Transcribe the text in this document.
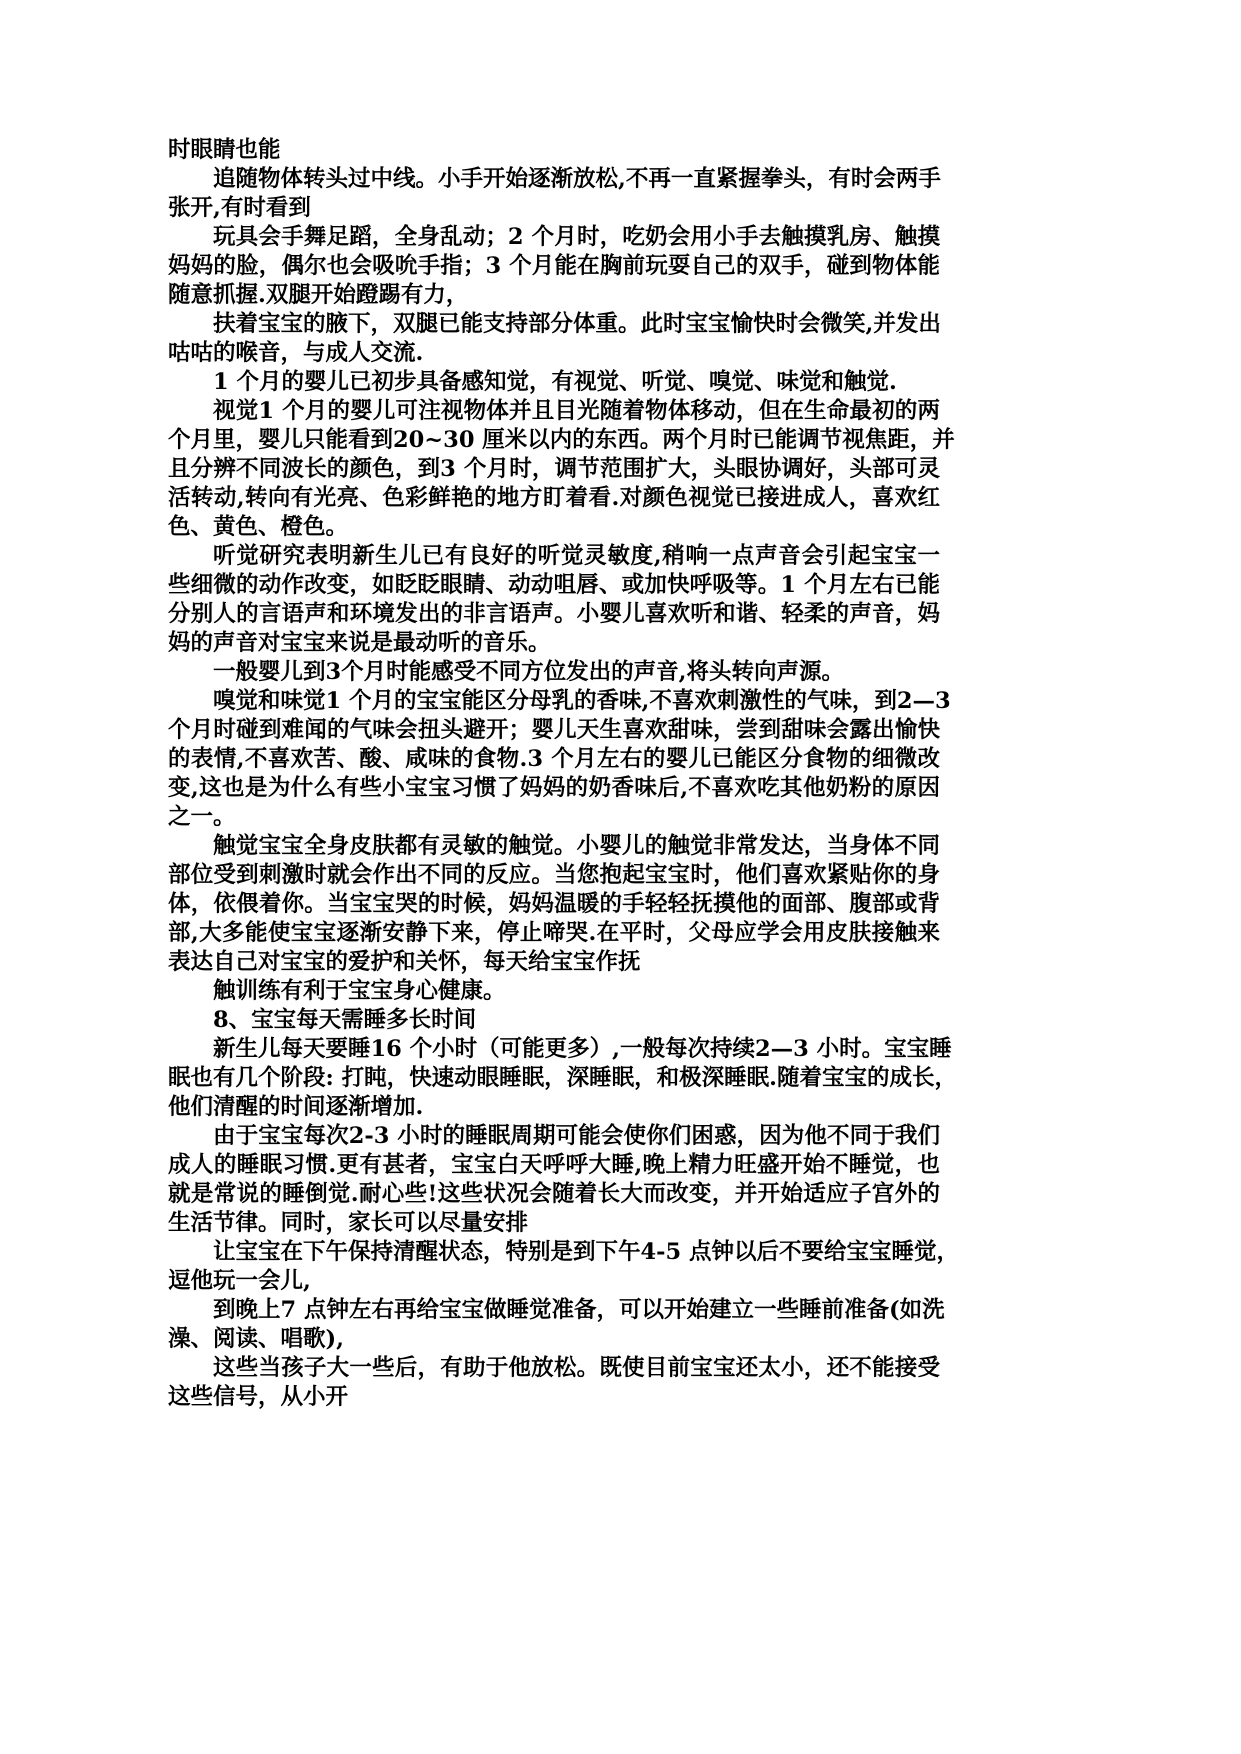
时眼睛也能
追随物体转头过中线。小手开始逐渐放松,不再一直紧握拳头，有时会两手
张开,有时看到
玩具会手舞足蹈，全身乱动；2 个月时，吃奶会用小手去触摸乳房、触摸
妈妈的脸，偶尔也会吸吮手指；3 个月能在胸前玩耍自己的双手，碰到物体能
随意抓握.双腿开始蹬踢有力，
扶着宝宝的腋下，双腿已能支持部分体重。此时宝宝愉快时会微笑,并发出
咕咕的喉音，与成人交流.
1 个月的婴儿已初步具备感知觉，有视觉、听觉、嗅觉、味觉和触觉.
视觉1 个月的婴儿可注视物体并且目光随着物体移动，但在生命最初的两
个月里，婴儿只能看到20~30 厘米以内的东西。两个月时已能调节视焦距，并
且分辨不同波长的颜色，到3 个月时，调节范围扩大，头眼协调好，头部可灵
活转动,转向有光亮、色彩鲜艳的地方盯着看.对颜色视觉已接进成人，喜欢红
色、黄色、橙色。
听觉研究表明新生儿已有良好的听觉灵敏度,稍响一点声音会引起宝宝一
些细微的动作改变，如眨眨眼睛、动动咀唇、或加快呼吸等。1 个月左右已能
分别人的言语声和环境发出的非言语声。小婴儿喜欢听和谐、轻柔的声音，妈
妈的声音对宝宝来说是最动听的音乐。
一般婴儿到3个月时能感受不同方位发出的声音,将头转向声源。
嗅觉和味觉1 个月的宝宝能区分母乳的香味,不喜欢刺激性的气味，到2—3
个月时碰到难闻的气味会扭头避开；婴儿天生喜欢甜味，尝到甜味会露出愉快
的表情,不喜欢苦、酸、咸味的食物.3 个月左右的婴儿已能区分食物的细微改
变,这也是为什么有些小宝宝习惯了妈妈的奶香味后,不喜欢吃其他奶粉的原因
之一。
触觉宝宝全身皮肤都有灵敏的触觉。小婴儿的触觉非常发达，当身体不同
部位受到刺激时就会作出不同的反应。当您抱起宝宝时，他们喜欢紧贴你的身
体，依偎着你。当宝宝哭的时候，妈妈温暖的手轻轻抚摸他的面部、腹部或背
部,大多能使宝宝逐渐安静下来，停止啼哭.在平时，父母应学会用皮肤接触来
表达自己对宝宝的爱护和关怀，每天给宝宝作抚
触训练有利于宝宝身心健康。
8、宝宝每天需睡多长时间
新生儿每天要睡16 个小时（可能更多）,一般每次持续2—3 小时。宝宝睡
眠也有几个阶段: 打盹，快速动眼睡眠，深睡眠，和极深睡眠.随着宝宝的成长，
他们清醒的时间逐渐增加.
由于宝宝每次2-3 小时的睡眠周期可能会使你们困惑，因为他不同于我们
成人的睡眠习惯.更有甚者，宝宝白天呼呼大睡,晚上精力旺盛开始不睡觉，也
就是常说的睡倒觉.耐心些!这些状况会随着长大而改变，并开始适应子宫外的
生活节律。同时，家长可以尽量安排
让宝宝在下午保持清醒状态，特别是到下午4-5 点钟以后不要给宝宝睡觉，
逗他玩一会儿,
到晚上7 点钟左右再给宝宝做睡觉准备，可以开始建立一些睡前准备(如洗
澡、阅读、唱歌),
这些当孩子大一些后，有助于他放松。既使目前宝宝还太小，还不能接受
这些信号，从小开
